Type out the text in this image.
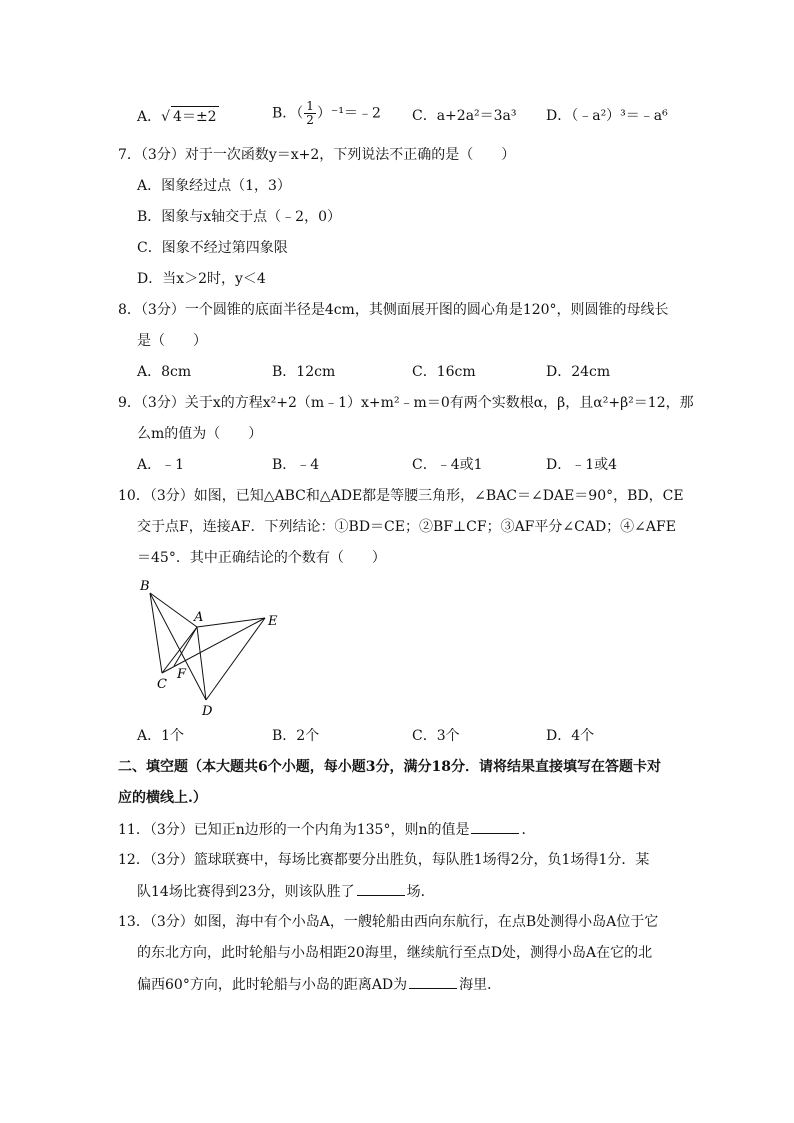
A．√ 4＝±2	B．（ $\frac{1}{2}$ ）⁻¹＝﹣2 C．a+2a²＝3a³ D．（﹣a²）³＝﹣a⁶
7．（3分）对于一次函数y＝x+2，下列说法不正确的是（　　）
A．图象经过点（1，3）
B．图象与x轴交于点（﹣2，0）
C．图象不经过第四象限
D．当x＞2时，y＜4
8．（3分）一个圆锥的底面半径是4cm，其侧面展开图的圆心角是120°，则圆锥的母线长
是（　　）
A．8cm	B．12cm	C．16cm	D．24cm
9．（3分）关于x的方程x²+2（m﹣1）x+m²﹣m＝0有两个实数根α，β，且α²+β²＝12，那
么m的值为（　　）
A．﹣1	B．﹣4	C．﹣4或1	D．﹣1或4
10．（3分）如图，已知△ABC和△ADE都是等腰三角形，∠BAC＝∠DAE＝90°，BD，CE
交于点F，连接AF．下列结论：①BD＝CE；②BF⊥CF；③AF平分∠CAD；④∠AFE
＝45°．其中正确结论的个数有（　　）
B
A	E
F
C
D
A．1个	B．2个	C．3个	D．4个
二、填空题（本大题共6个小题，每小题3分，满分18分．请将结果直接填写在答题卡对
应的横线上.）
11．（3分）已知正n边形的一个内角为135°，则n的值是	．
12．（3分）篮球联赛中，每场比赛都要分出胜负，每队胜1场得2分，负1场得1分．某
队14场比赛得到23分，则该队胜了	场．
13．（3分）如图，海中有个小岛A，一艘轮船由西向东航行，在点B处测得小岛A位于它
的东北方向，此时轮船与小岛相距20海里，继续航行至点D处，测得小岛A在它的北
偏西60°方向，此时轮船与小岛的距离AD为	海里．
